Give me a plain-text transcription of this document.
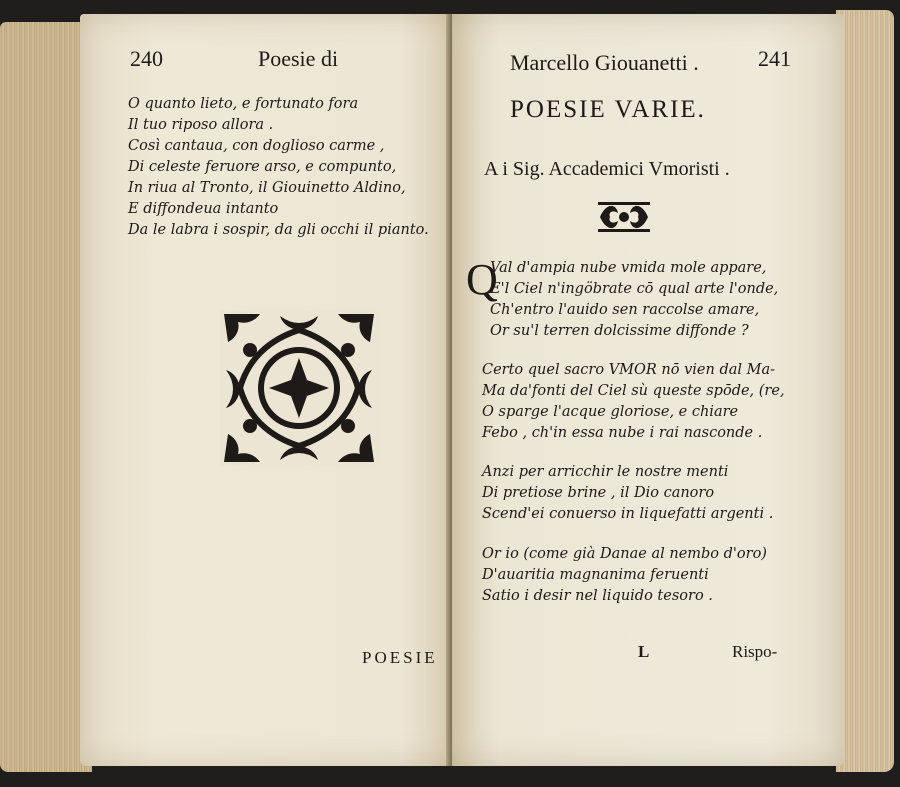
240	Poesie di
O quanto lieto, e fortunato fora
Il tuo riposo allora .
Così cantaua, con doglioso carme ,
Di celeste feruore arso, e compunto,
In riua al Tronto, il Giouinetto Aldino,
E diffondeua intanto
Da le labra i sospir, da gli occhi il pianto.
POESIE
Marcello Giouanetti .	241
POESIE VARIE.
A i Sig. Accademici Vmoristi .
Q
Val d'ampia nube vmida mole appare,
E'l Ciel n'ingöbrate cō qual arte l'onde,
Ch'entro l'auido sen raccolse amare,
Or su'l terren dolcissime diffonde ?
Certo quel sacro VMOR nō vien dal Ma-
Ma da'fonti del Ciel sù queste spōde, (re,
O sparge l'acque gloriose, e chiare
Febo , ch'in essa nube i rai nasconde .
Anzi per arricchir le nostre menti
Di pretiose brine , il Dio canoro
Scend'ei conuerso in liquefatti argenti .
Or io (come già Danae al nembo d'oro)
D'auaritia magnanima feruenti
Satio i desir nel liquido tesoro .
L	Rispo-
